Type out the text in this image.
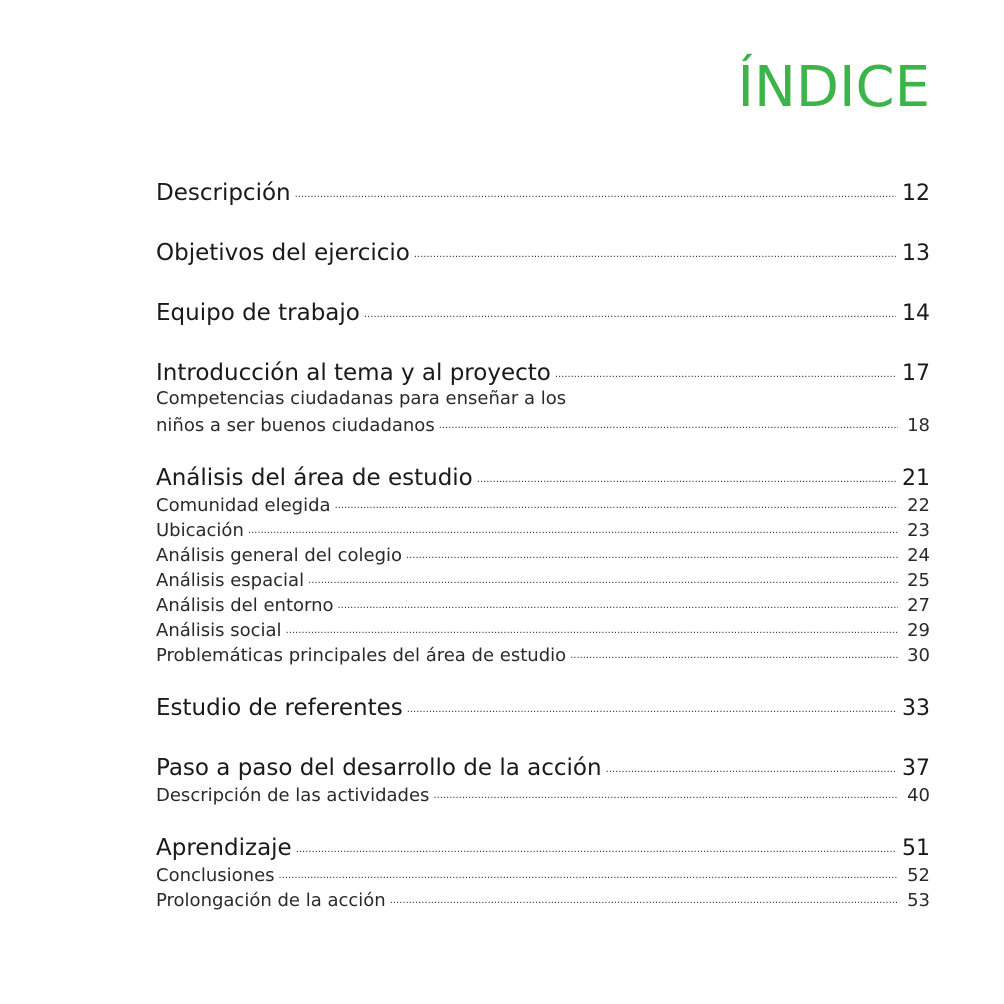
ÍNDICE
Descripción . . .	12
Objetivos del ejercicio . . .	13
Equipo de trabajo . . .	14
Introducción al tema y al proyecto . . .	17
Competencias ciudadanas para enseñar a los
niños a ser buenos ciudadanos . . .	18
Análisis del área de estudio . . .	21
Comunidad elegida . . .	22
Ubicación . . .	23
Análisis general del colegio . . .	24
Análisis espacial . . .	25
Análisis del entorno . . .	27
Análisis social . . .	29
Problemáticas principales del área de estudio . . .	30
Estudio de referentes . . .	33
Paso a paso del desarrollo de la acción . . .	37
Descripción de las actividades . . .	40
Aprendizaje . . .	51
Conclusiones . . .	52
Prolongación de la acción . . .	53
